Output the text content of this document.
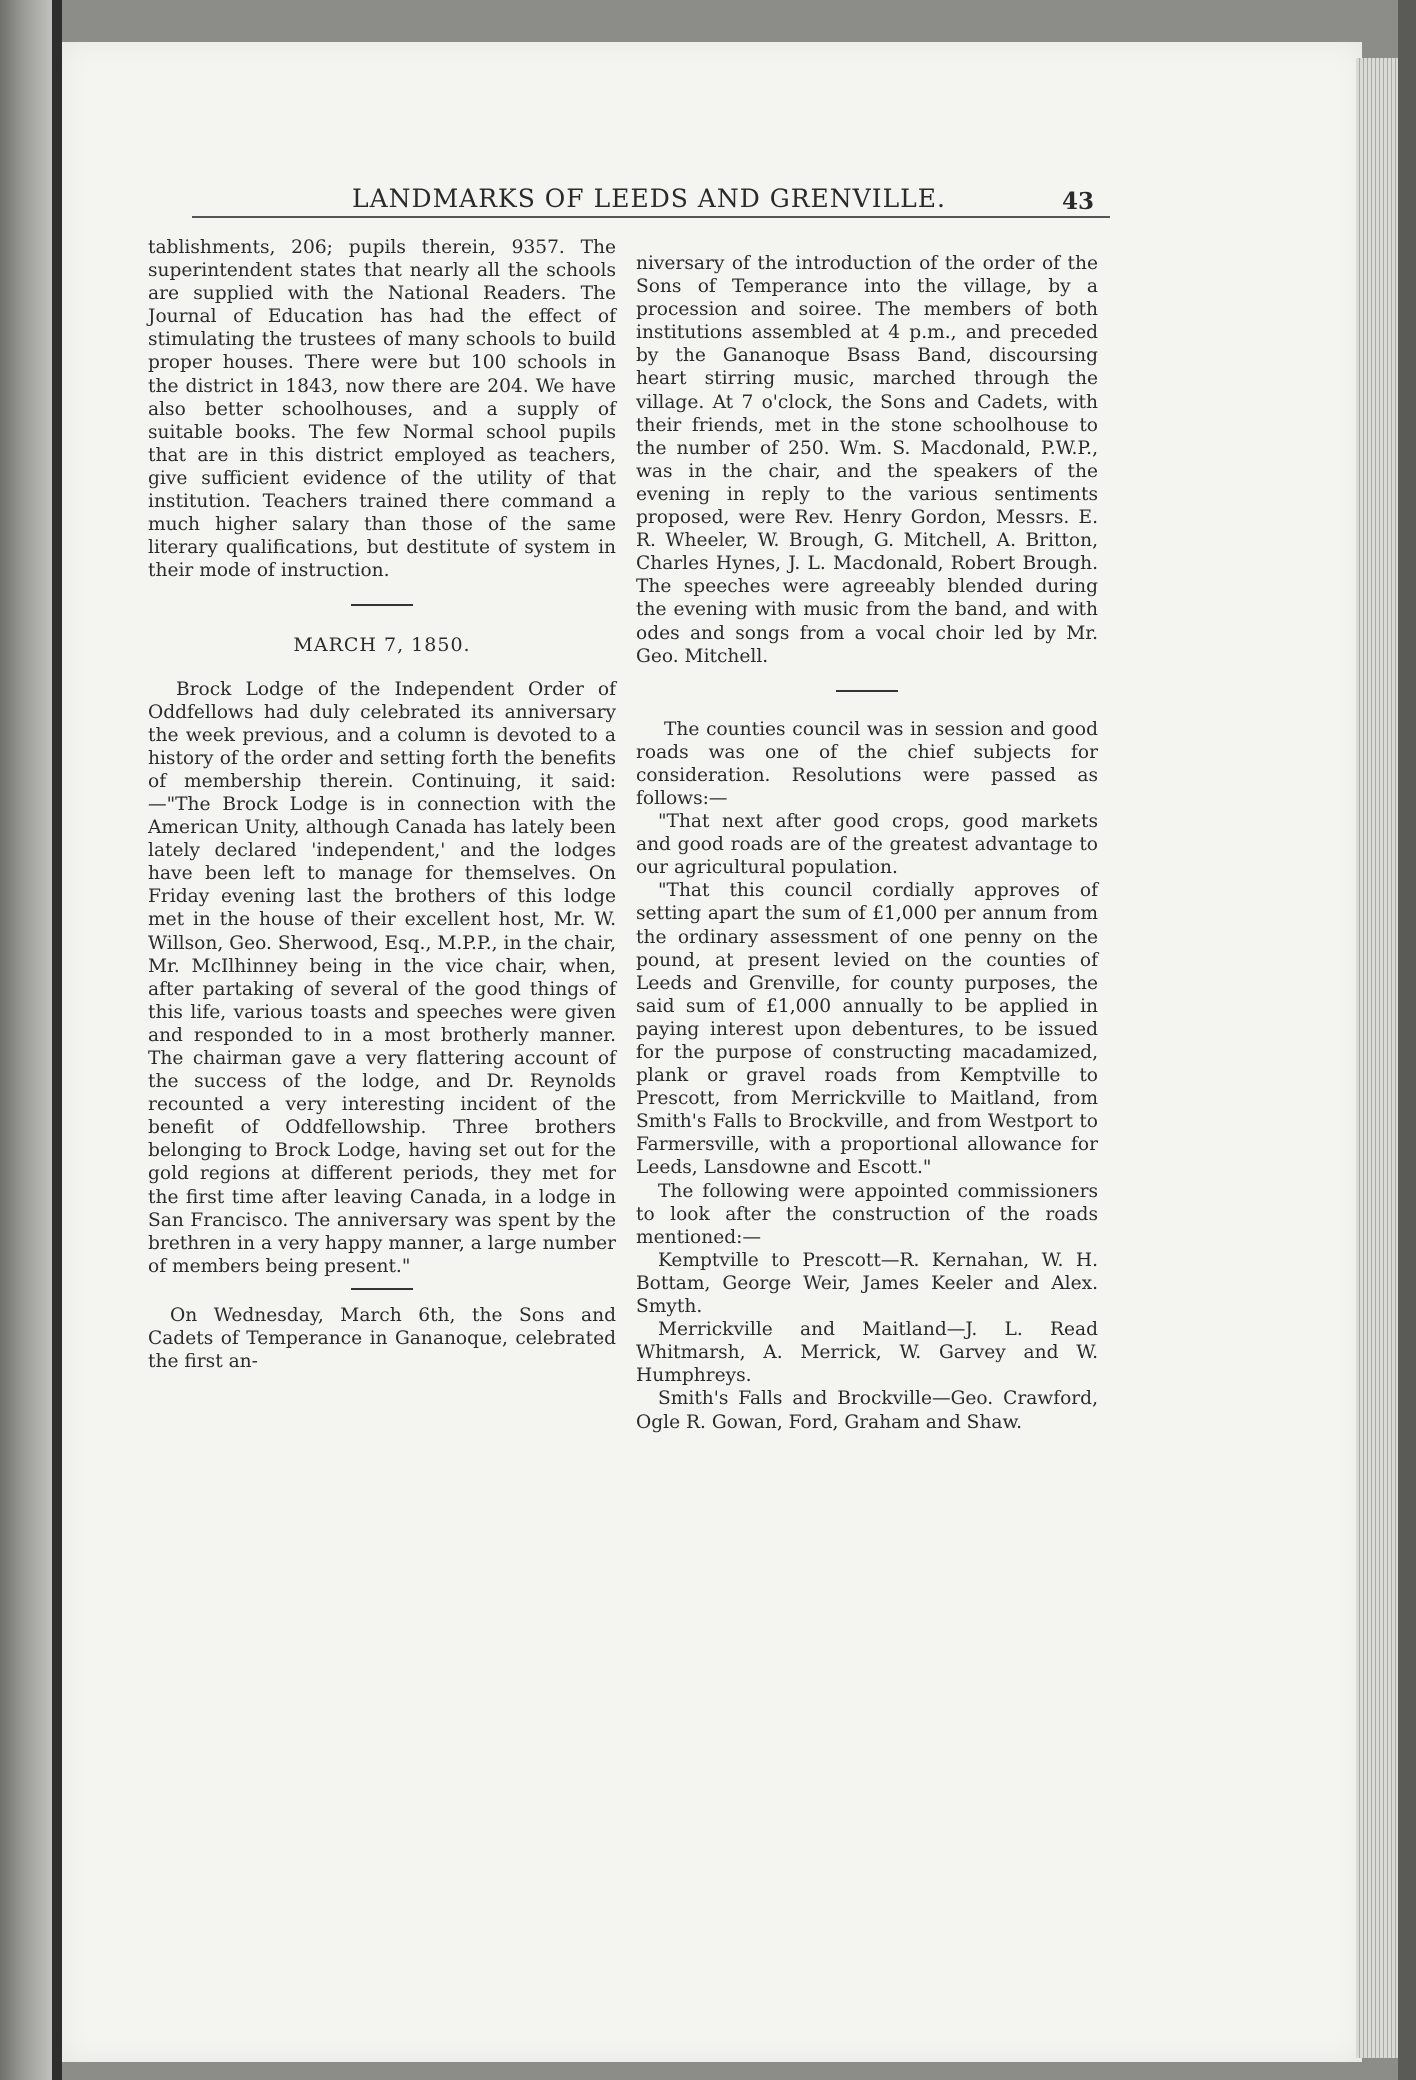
LANDMARKS OF LEEDS AND GRENVILLE.	43

tablishments, 206; pupils therein, 9357. The superintendent states that nearly all the schools are supplied with the National Readers. The Journal of Education has had the effect of stimulating the trustees of many schools to build proper houses. There were but 100 schools in the district in 1843, now there are 204. We have also better schoolhouses, and a supply of suitable books. The few Normal school pupils that are in this district employed as teachers, give sufficient evidence of the utility of that institution. Teachers trained there command a much higher salary than those of the same literary qualifications, but destitute of system in their mode of instruction.

MARCH 7, 1850.

Brock Lodge of the Independent Order of Oddfellows had duly celebrated its anniversary the week previous, and a column is devoted to a history of the order and setting forth the benefits of membership therein. Continuing, it said:—"The Brock Lodge is in connection with the American Unity, although Canada has lately been lately declared 'independent,' and the lodges have been left to manage for themselves. On Friday evening last the brothers of this lodge met in the house of their excellent host, Mr. W. Willson, Geo. Sherwood, Esq., M.P.P., in the chair, Mr. McIlhinney being in the vice chair, when, after partaking of several of the good things of this life, various toasts and speeches were given and responded to in a most brotherly manner. The chairman gave a very flattering account of the success of the lodge, and Dr. Reynolds recounted a very interesting incident of the benefit of Oddfellowship. Three brothers belonging to Brock Lodge, having set out for the gold regions at different periods, they met for the first time after leaving Canada, in a lodge in San Francisco. The anniversary was spent by the brethren in a very happy manner, a large number of members being present."

On Wednesday, March 6th, the Sons and Cadets of Temperance in Gananoque, celebrated the first an-

niversary of the introduction of the order of the Sons of Temperance into the village, by a procession and soiree. The members of both institutions assembled at 4 p.m., and preceded by the Gananoque Bsass Band, discoursing heart stirring music, marched through the village. At 7 o'clock, the Sons and Cadets, with their friends, met in the stone schoolhouse to the number of 250. Wm. S. Macdonald, P.W.P., was in the chair, and the speakers of the evening in reply to the various sentiments proposed, were Rev. Henry Gordon, Messrs. E. R. Wheeler, W. Brough, G. Mitchell, A. Britton, Charles Hynes, J. L. Macdonald, Robert Brough. The speeches were agreeably blended during the evening with music from the band, and with odes and songs from a vocal choir led by Mr. Geo. Mitchell.

The counties council was in session and good roads was one of the chief subjects for consideration. Resolutions were passed as follows:—

"That next after good crops, good markets and good roads are of the greatest advantage to our agricultural population.

"That this council cordially approves of setting apart the sum of £1,000 per annum from the ordinary assessment of one penny on the pound, at present levied on the counties of Leeds and Grenville, for county purposes, the said sum of £1,000 annually to be applied in paying interest upon debentures, to be issued for the purpose of constructing macadamized, plank or gravel roads from Kemptville to Prescott, from Merrickville to Maitland, from Smith's Falls to Brockville, and from Westport to Farmersville, with a proportional allowance for Leeds, Lansdowne and Escott."

The following were appointed commissioners to look after the construction of the roads mentioned:—

Kemptville to Prescott—R. Kernahan, W. H. Bottam, George Weir, James Keeler and Alex. Smyth.

Merrickville and Maitland—J. L. Read Whitmarsh, A. Merrick, W. Garvey and W. Humphreys.

Smith's Falls and Brockville—Geo. Crawford, Ogle R. Gowan, Ford, Graham and Shaw.
